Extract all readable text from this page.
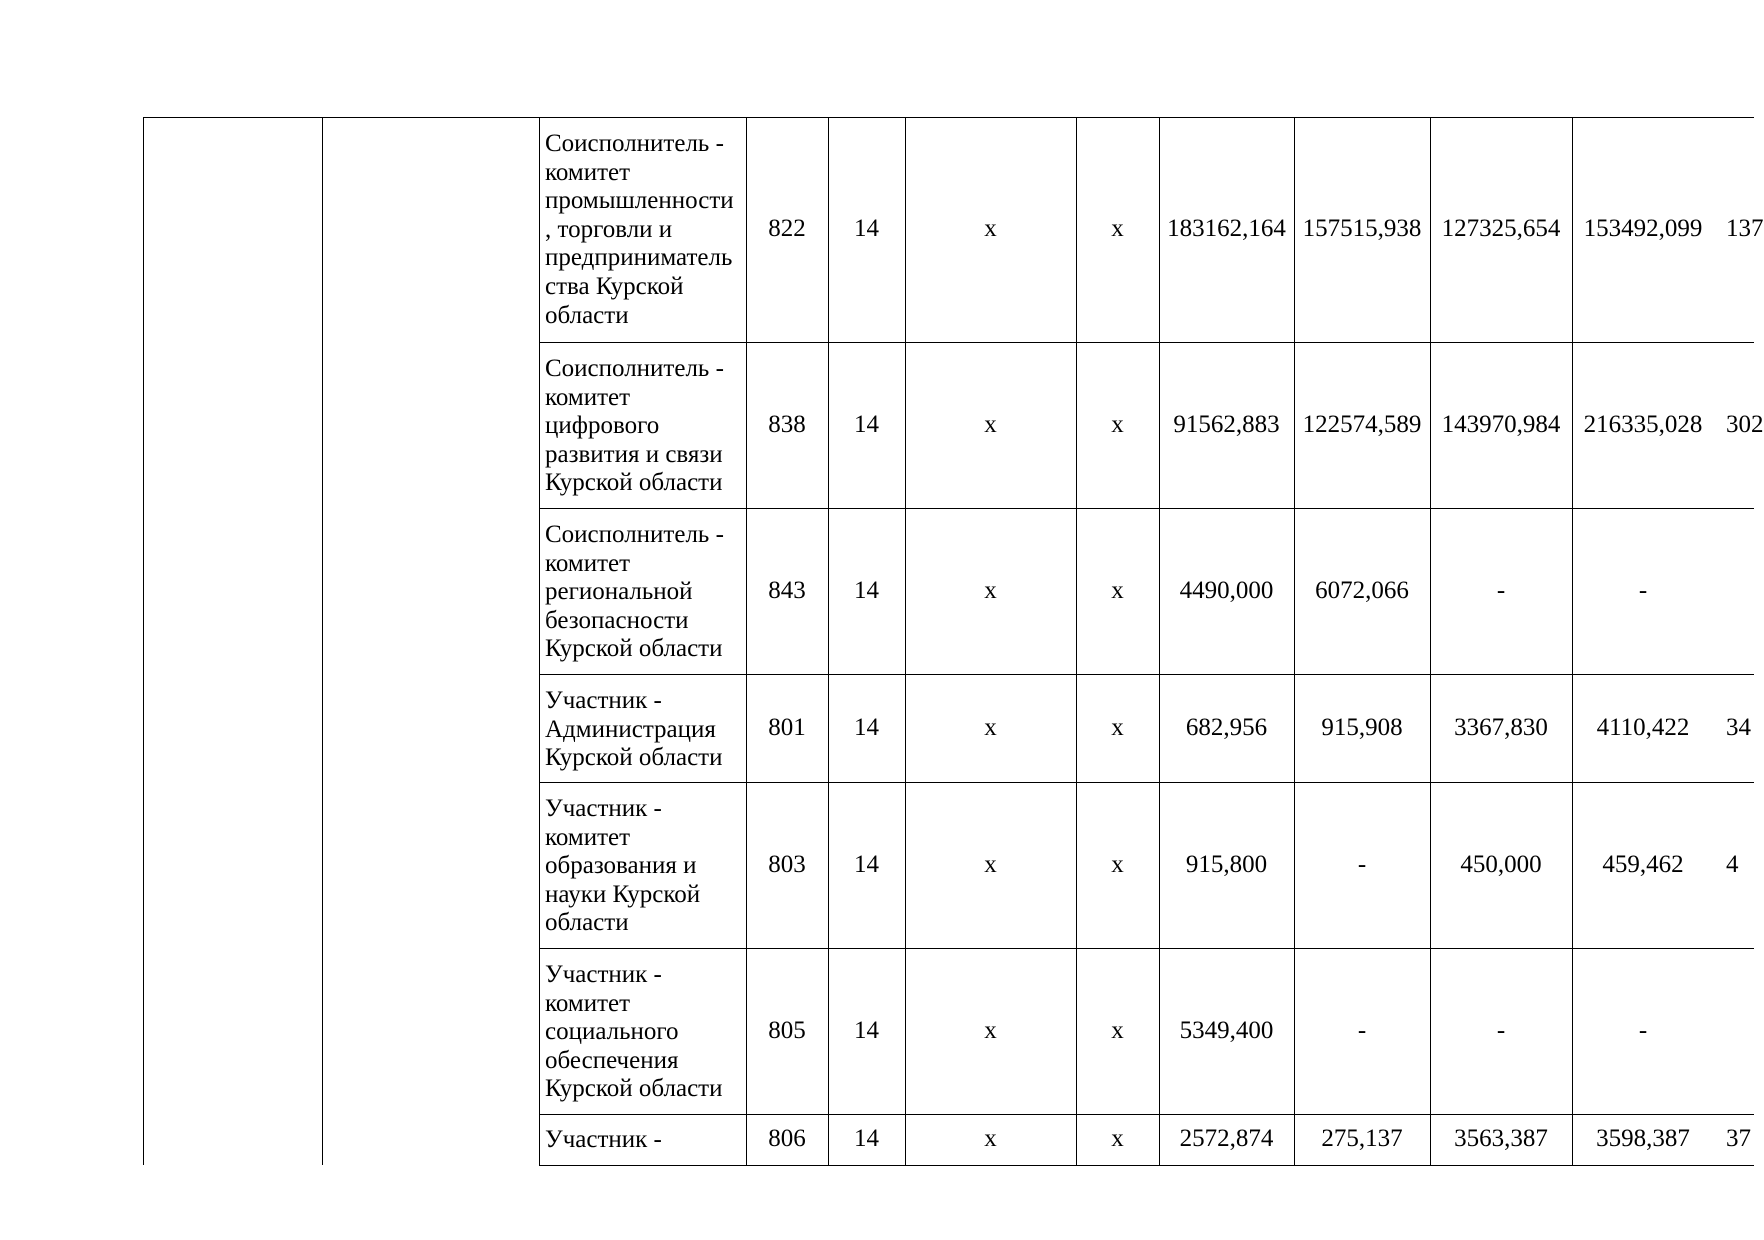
Соисполнитель -
комитет
промышленности
, торговли и
предприниматель
ства Курской
области
822	14	х	х	183162,164 157515,938 127325,654 153492,099 137
Соисполнитель -
комитет
цифрового
развития и связи
Курской области
838	14	х	х	91562,883 122574,589 143970,984 216335,028 302
Соисполнитель -
комитет
региональной
безопасности
Курской области
843	14	х	х	4490,000	6072,066	-	-
Участник -
Администрация
Курской области
801	14	х	х	682,956	915,908	3367,830	4110,422	34
Участник -
комитет
образования и
науки Курской
области
803	14	х	х	915,800	-	450,000	459,462	4
Участник -
комитет
социального
обеспечения
Курской области
805	14	х	х	5349,400	-	-	-
Участник -	806	14	х	х	2572,874	275,137	3563,387	3598,387	37
